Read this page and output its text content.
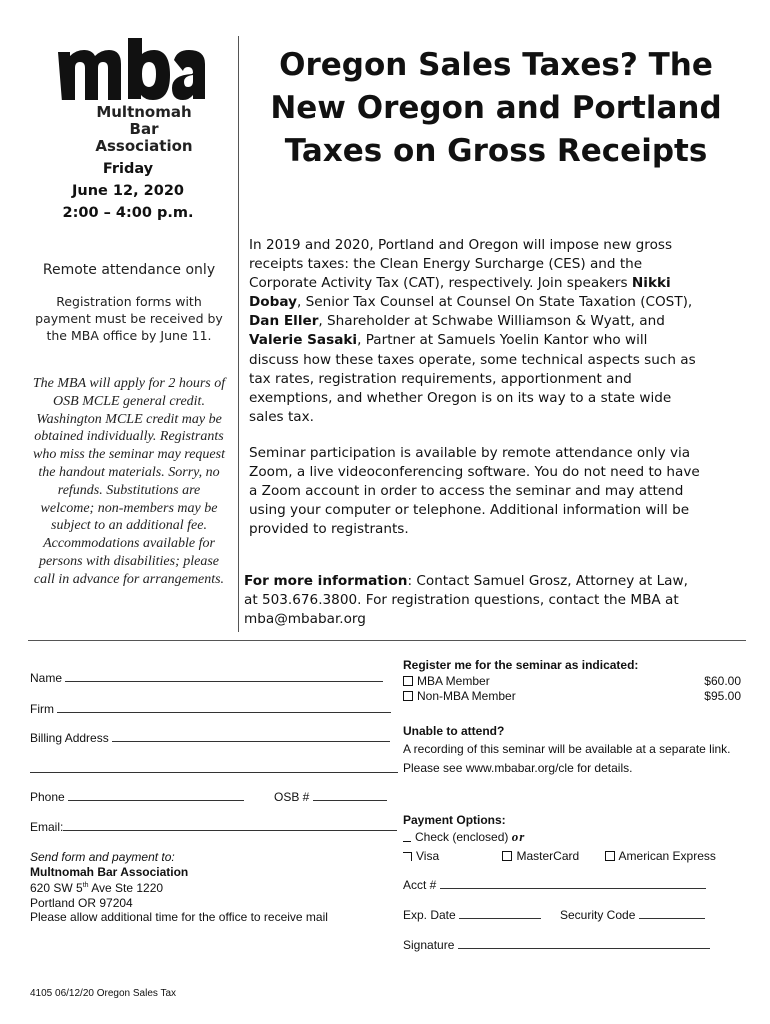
Multnomah Bar
Association
Friday
June 12, 2020
2:00 – 4:00 p.m.
Remote attendance only
Registration forms with payment must be received by the MBA office by June 11.
The MBA will apply for 2 hours of OSB MCLE general credit. Washington MCLE credit may be obtained individually. Registrants who miss the seminar may request the handout materials. Sorry, no refunds. Substitutions are welcome; non-members may be subject to an additional fee. Accommodations available for persons with disabilities; please call in advance for arrangements.
Oregon Sales Taxes? The New Oregon and Portland Taxes on Gross Receipts
In 2019 and 2020, Portland and Oregon will impose new gross receipts taxes: the Clean Energy Surcharge (CES) and the Corporate Activity Tax (CAT), respectively. Join speakers Nikki Dobay, Senior Tax Counsel at Counsel On State Taxation (COST), Dan Eller, Shareholder at Schwabe Williamson & Wyatt, and Valerie Sasaki, Partner at Samuels Yoelin Kantor who will discuss how these taxes operate, some technical aspects such as tax rates, registration requirements, apportionment and exemptions, and whether Oregon is on its way to a state wide sales tax.
Seminar participation is available by remote attendance only via Zoom, a live videoconferencing software. You do not need to have a Zoom account in order to access the seminar and may attend using your computer or telephone. Additional information will be provided to registrants.
For more information: Contact Samuel Grosz, Attorney at Law, at 503.676.3800. For registration questions, contact the MBA at mba@mbabar.org
Name
Firm
Billing Address
Phone	OSB #
Email:
Send form and payment to:
Multnomah Bar Association
620 SW 5th Ave Ste 1220
Portland OR 97204
Please allow additional time for the office to receive mail
Register me for the seminar as indicated:
MBA Member	$60.00
Non-MBA Member	$95.00
Unable to attend?
A recording of this seminar will be available at a separate link. Please see www.mbabar.org/cle for details.
Payment Options:
Check (enclosed) or
Visa	MasterCard	American Express
Acct #
Exp. Date	Security Code
Signature
4105 06/12/20 Oregon Sales Tax
